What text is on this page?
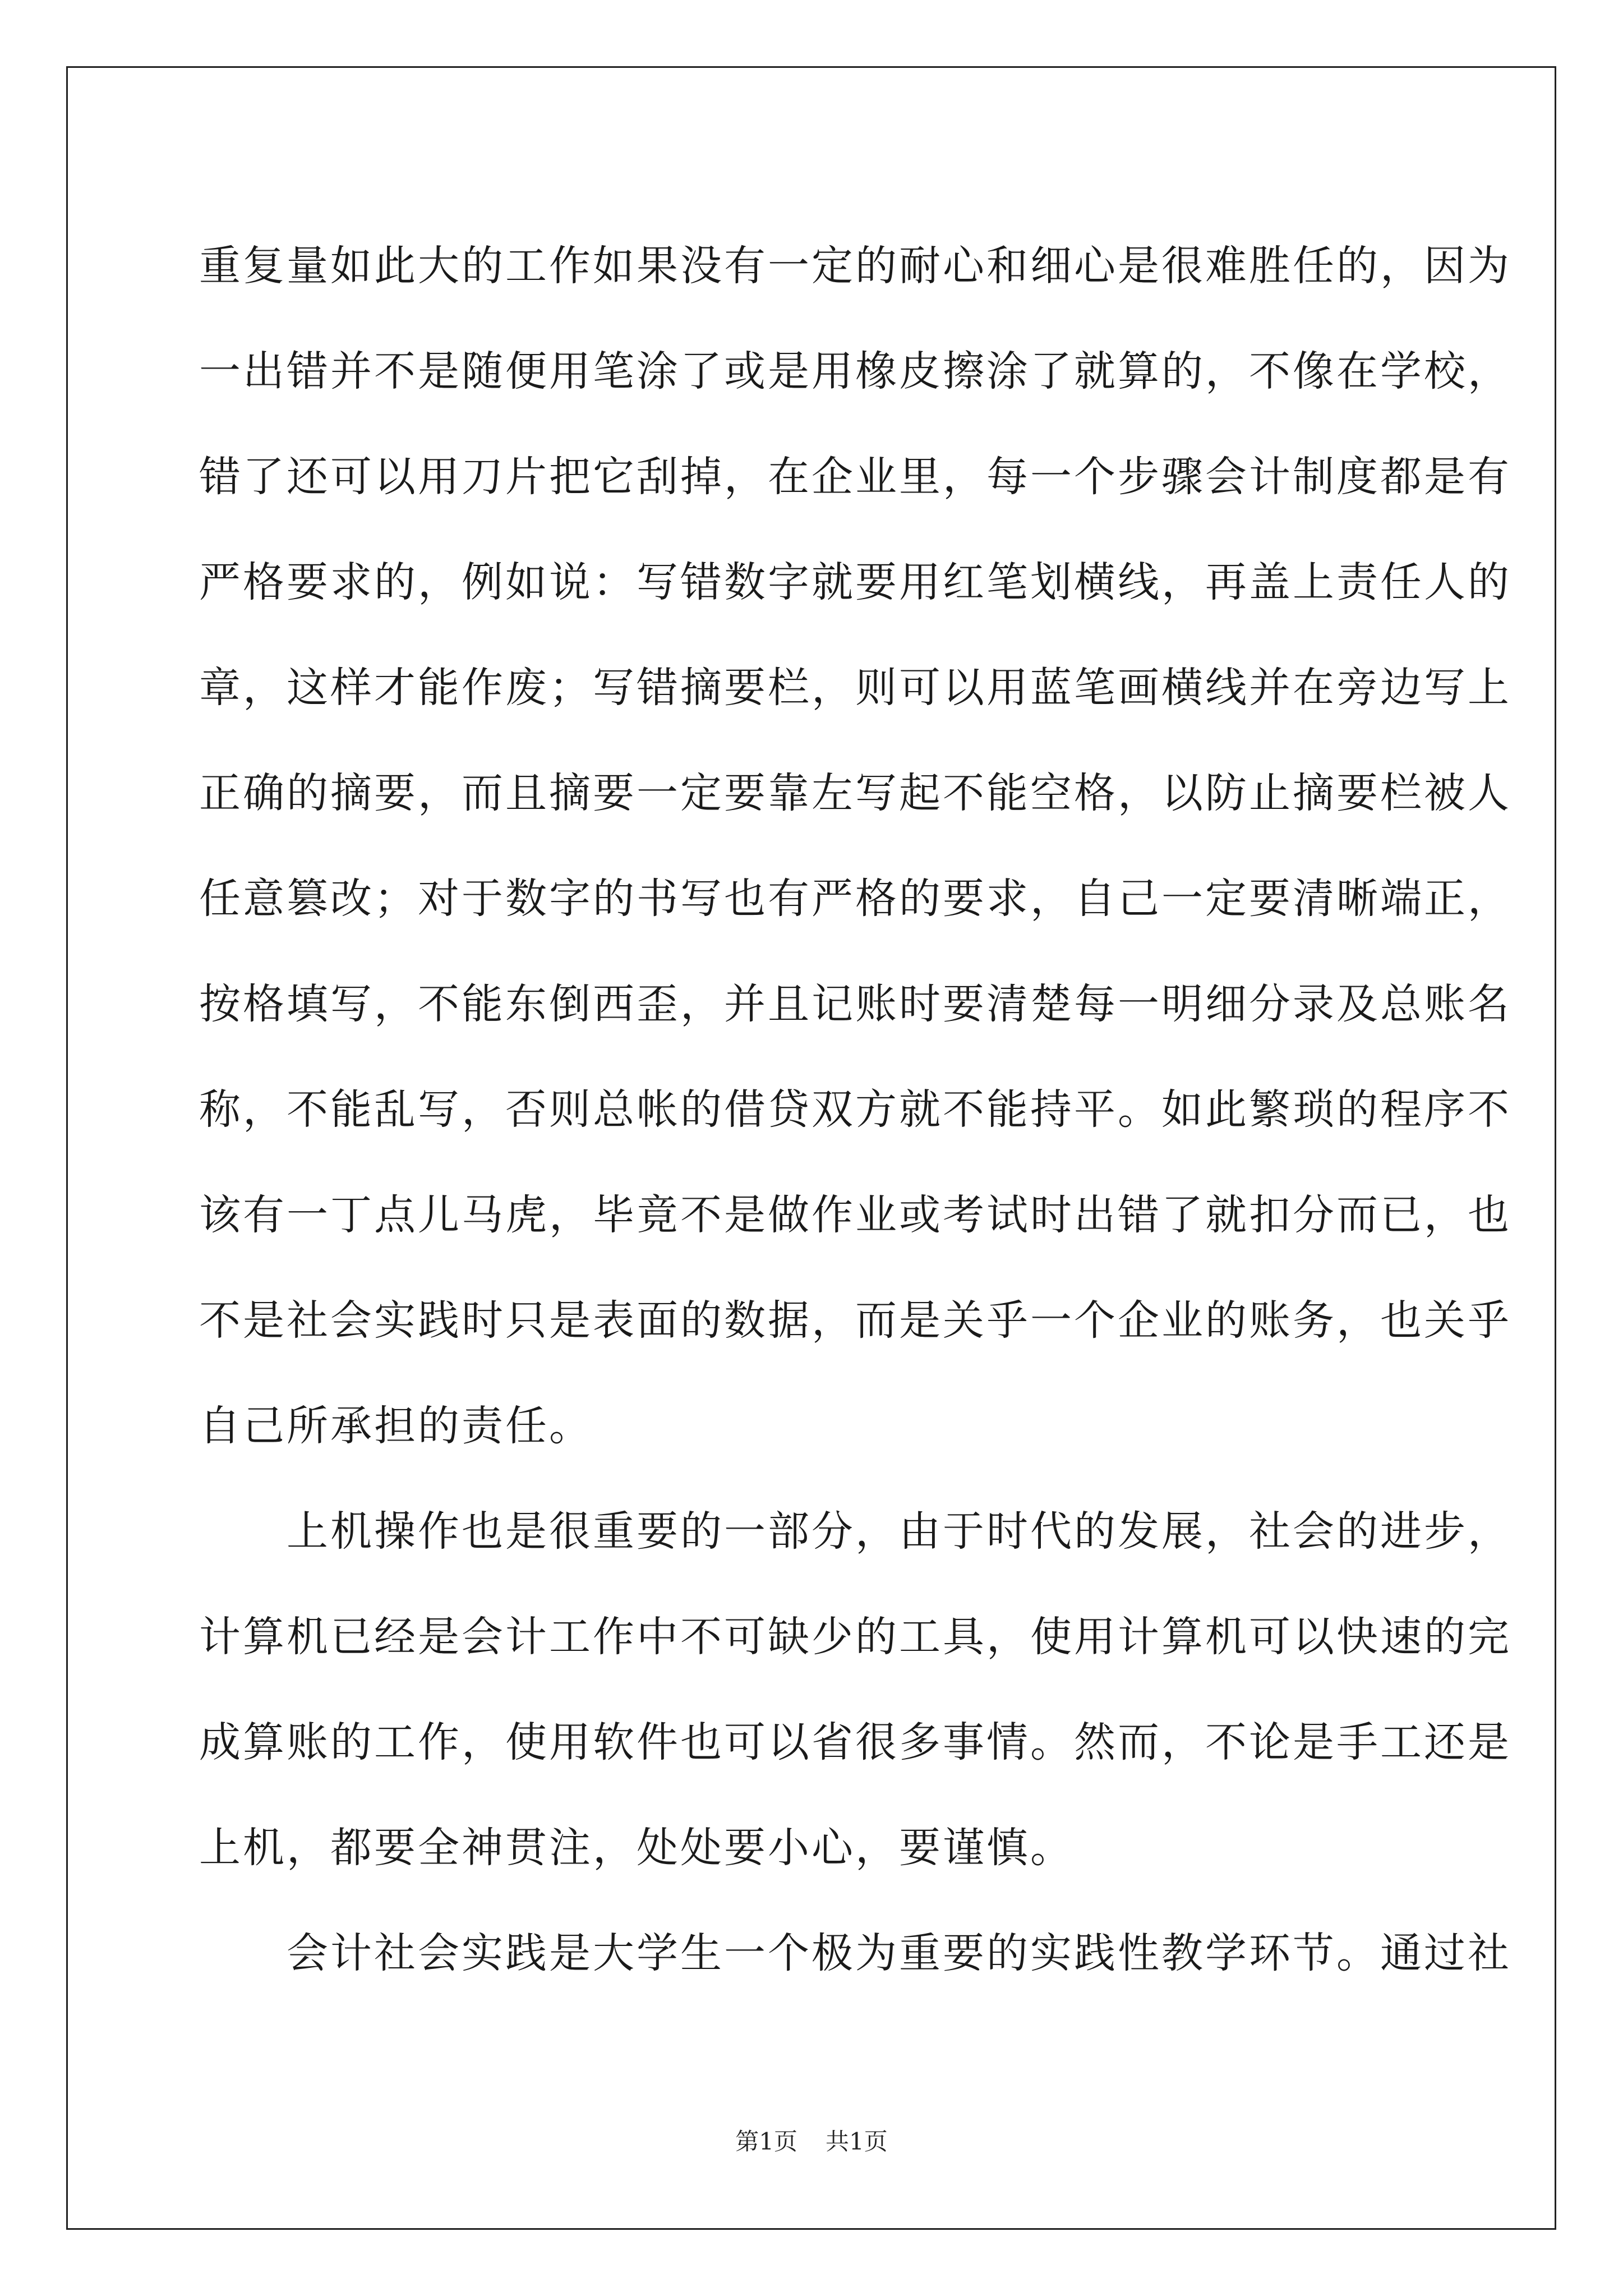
重复量如此大的工作如果没有一定的耐心和细心是很难胜任的，因为
一出错并不是随便用笔涂了或是用橡皮擦涂了就算的，不像在学校，
错了还可以用刀片把它刮掉，在企业里，每一个步骤会计制度都是有
严格要求的，例如说：写错数字就要用红笔划横线，再盖上责任人的
章，这样才能作废；写错摘要栏，则可以用蓝笔画横线并在旁边写上
正确的摘要，而且摘要一定要靠左写起不能空格，以防止摘要栏被人
任意篡改；对于数字的书写也有严格的要求，自己一定要清晰端正，
按格填写，不能东倒西歪，并且记账时要清楚每一明细分录及总账名
称，不能乱写，否则总帐的借贷双方就不能持平。如此繁琐的程序不
该有一丁点儿马虎，毕竟不是做作业或考试时出错了就扣分而已，也
不是社会实践时只是表面的数据，而是关乎一个企业的账务，也关乎
自己所承担的责任。
　　上机操作也是很重要的一部分，由于时代的发展，社会的进步，
计算机已经是会计工作中不可缺少的工具，使用计算机可以快速的完
成算账的工作，使用软件也可以省很多事情。然而，不论是手工还是
上机，都要全神贯注，处处要小心，要谨慎。
　　会计社会实践是大学生一个极为重要的实践性教学环节。通过社
第1页 共1页
